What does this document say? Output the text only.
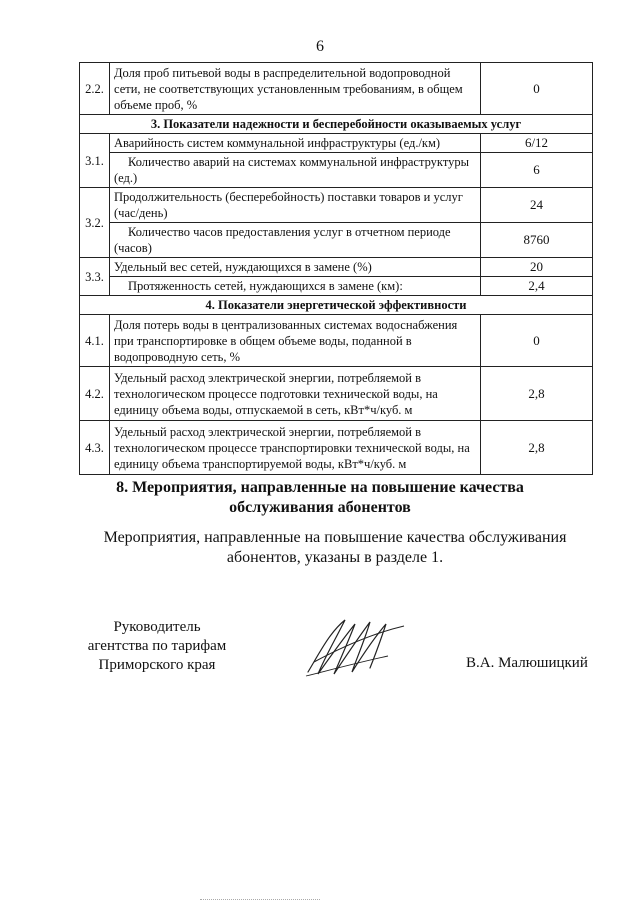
6
2.2.	Доля проб питьевой воды в распределительной водопроводной сети, не соответствующих установленным требованиям, в общем объеме проб, %	0
3. Показатели надежности и бесперебойности оказываемых услуг		
3.1.	Аварийность систем коммунальной инфраструктуры (ед./км)	6/12
	Количество аварий на системах коммунальной инфраструктуры (ед.)	6
3.2.	Продолжительность (бесперебойность) поставки товаров и услуг (час/день)	24
	Количество часов предоставления услуг в отчетном периоде (часов)	8760
3.3.	Удельный вес сетей, нуждающихся в замене (%)	20
	Протяженность сетей, нуждающихся в замене (км):	2,4
4. Показатели энергетической эффективности		
4.1.	Доля потерь воды в централизованных системах водоснабжения при транспортировке в общем объеме воды, поданной в водопроводную сеть, %	0
4.2.	Удельный расход электрической энергии, потребляемой в технологическом процессе подготовки технической воды, на единицу объема воды, отпускаемой в сеть, кВт*ч/куб. м	2,8
4.3.	Удельный расход электрической энергии, потребляемой в технологическом процессе транспортировки технической воды, на единицу объема транспортируемой воды, кВт*ч/куб. м	2,8
8. Мероприятия, направленные на повышение качества
обслуживания абонентов
Мероприятия, направленные на повышение качества обслуживания абонентов, указаны в разделе 1.
Руководитель
агентства по тарифам
Приморского края	В.А. Малюшицкий
